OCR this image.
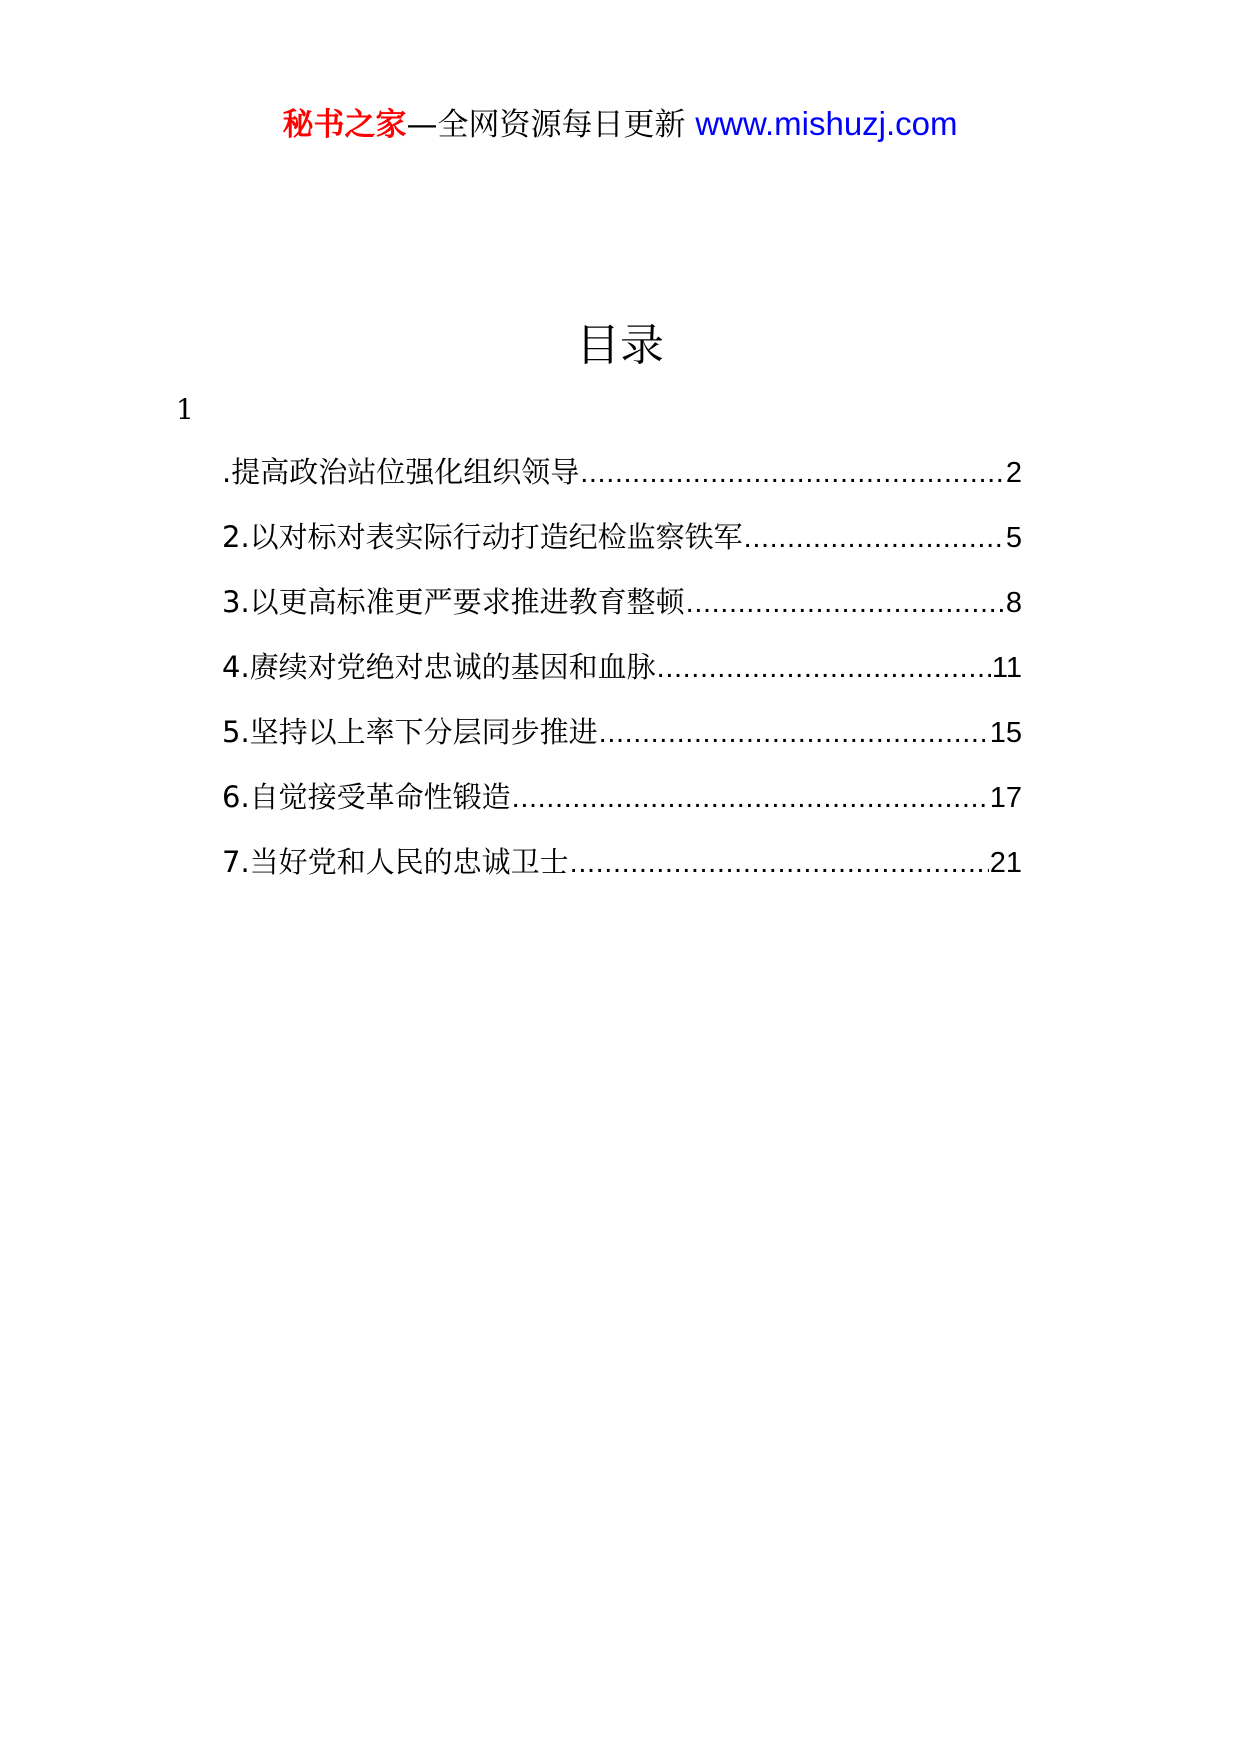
秘书之家—全网资源每日更新 www.mishuzj.com
目录
1
.提高政治站位强化组织领导 .....	2
2.以对标对表实际行动打造纪检监察铁军 .....	5
3.以更高标准更严要求推进教育整顿 .....	8
4.赓续对党绝对忠诚的基因和血脉 .....	11
5.坚持以上率下分层同步推进 .....	15
6.自觉接受革命性锻造 .....	17
7.当好党和人民的忠诚卫士 .....	21
